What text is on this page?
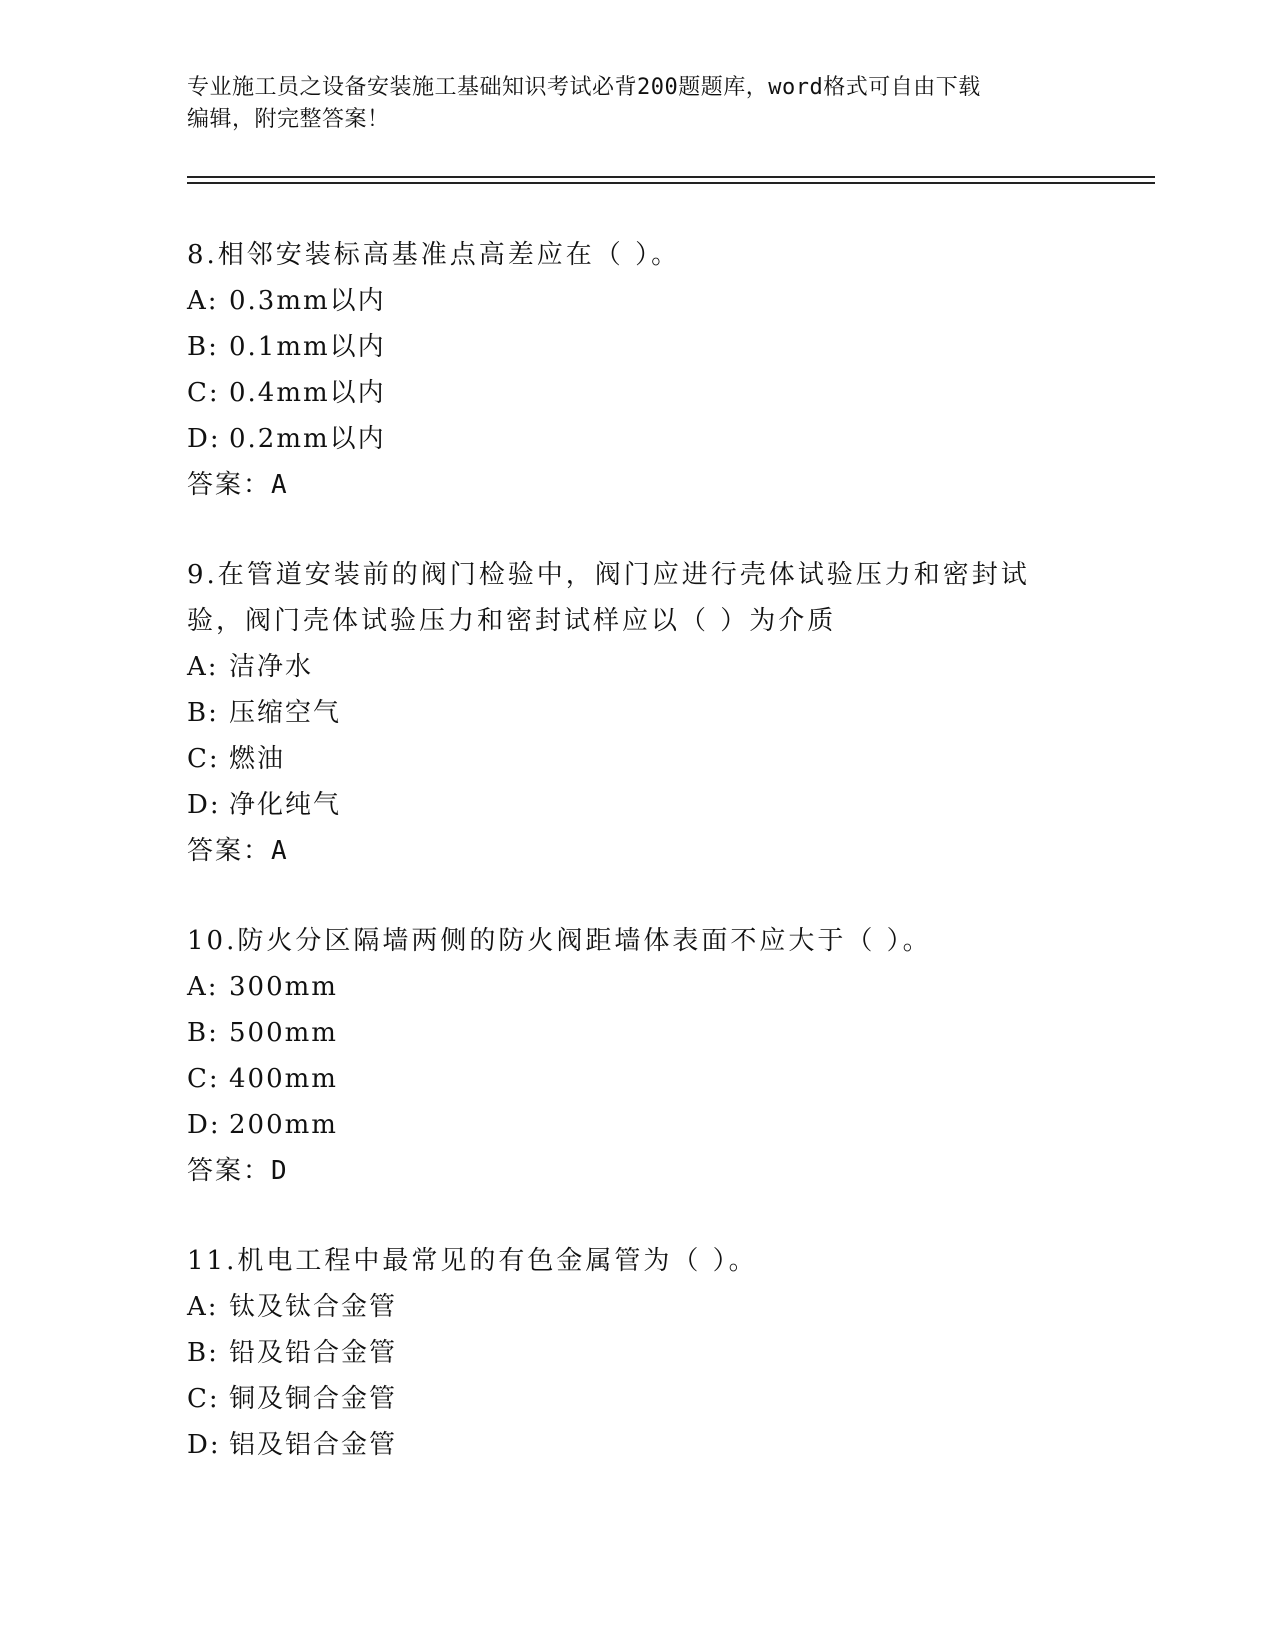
专业施工员之设备安装施工基础知识考试必背200题题库，word格式可自由下载
编辑，附完整答案！
8.相邻安装标高基准点高差应在（ ）。
A: 0.3mm以内
B: 0.1mm以内
C: 0.4mm以内
D: 0.2mm以内
答案：A
9.在管道安装前的阀门检验中，阀门应进行壳体试验压力和密封试验，阀门壳体试验压力和密封试样应以（ ）为介质
A: 洁净水
B: 压缩空气
C: 燃油
D: 净化纯气
答案：A
10.防火分区隔墙两侧的防火阀距墙体表面不应大于（ ）。
A: 300mm
B: 500mm
C: 400mm
D: 200mm
答案：D
11.机电工程中最常见的有色金属管为（ ）。
A: 钛及钛合金管
B: 铅及铅合金管
C: 铜及铜合金管
D: 铝及铝合金管
